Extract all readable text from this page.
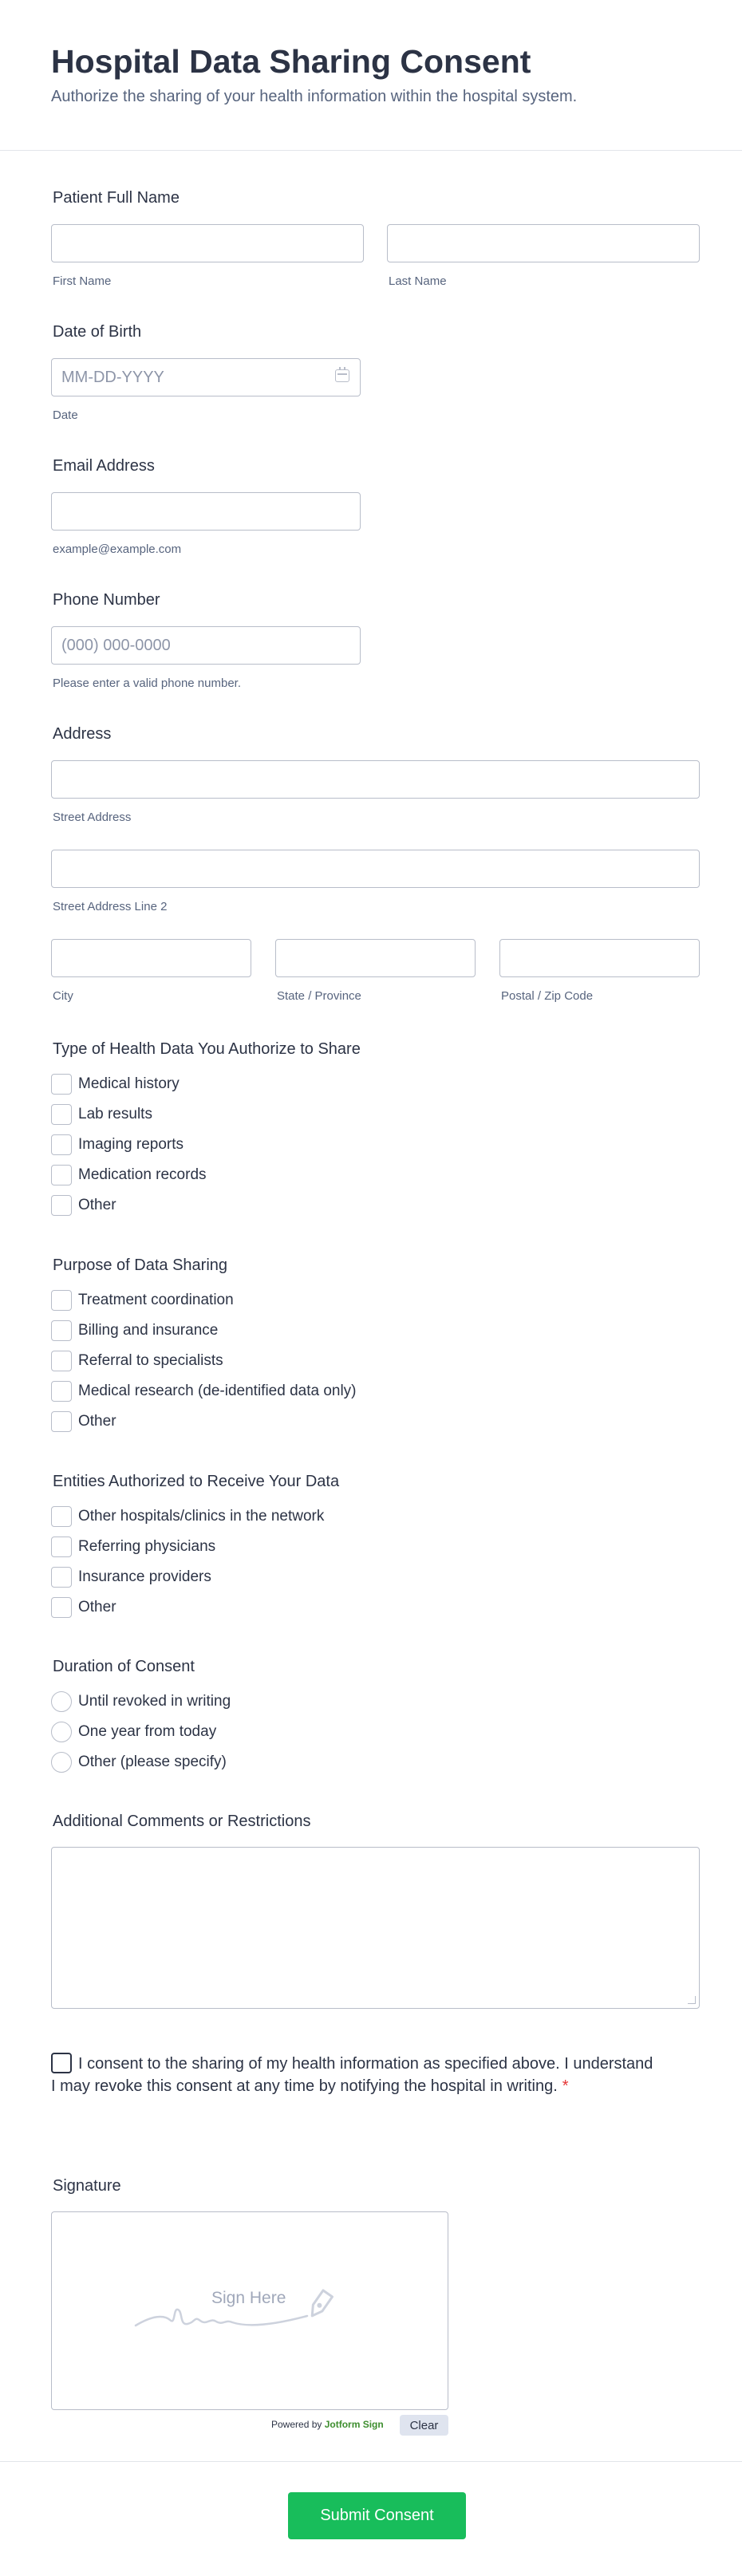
Hospital Data Sharing Consent
Authorize the sharing of your health information within the hospital system.
Patient Full Name
First Name	Last Name
Date of Birth
MM-DD-YYYY
Date
Email Address
example@example.com
Phone Number
(000) 000-0000
Please enter a valid phone number.
Address
Street Address
Street Address Line 2
City	State / Province	Postal / Zip Code
Type of Health Data You Authorize to Share
Medical history
Lab results
Imaging reports
Medication records
Other
Purpose of Data Sharing
Treatment coordination
Billing and insurance
Referral to specialists
Medical research (de-identified data only)
Other
Entities Authorized to Receive Your Data
Other hospitals/clinics in the network
Referring physicians
Insurance providers
Other
Duration of Consent
Until revoked in writing
One year from today
Other (please specify)
Additional Comments or Restrictions
I consent to the sharing of my health information as specified above. I understand I may revoke this consent at any time by notifying the hospital in writing. *
Signature
Sign Here
Powered by Jotform Sign	Clear
Submit Consent
